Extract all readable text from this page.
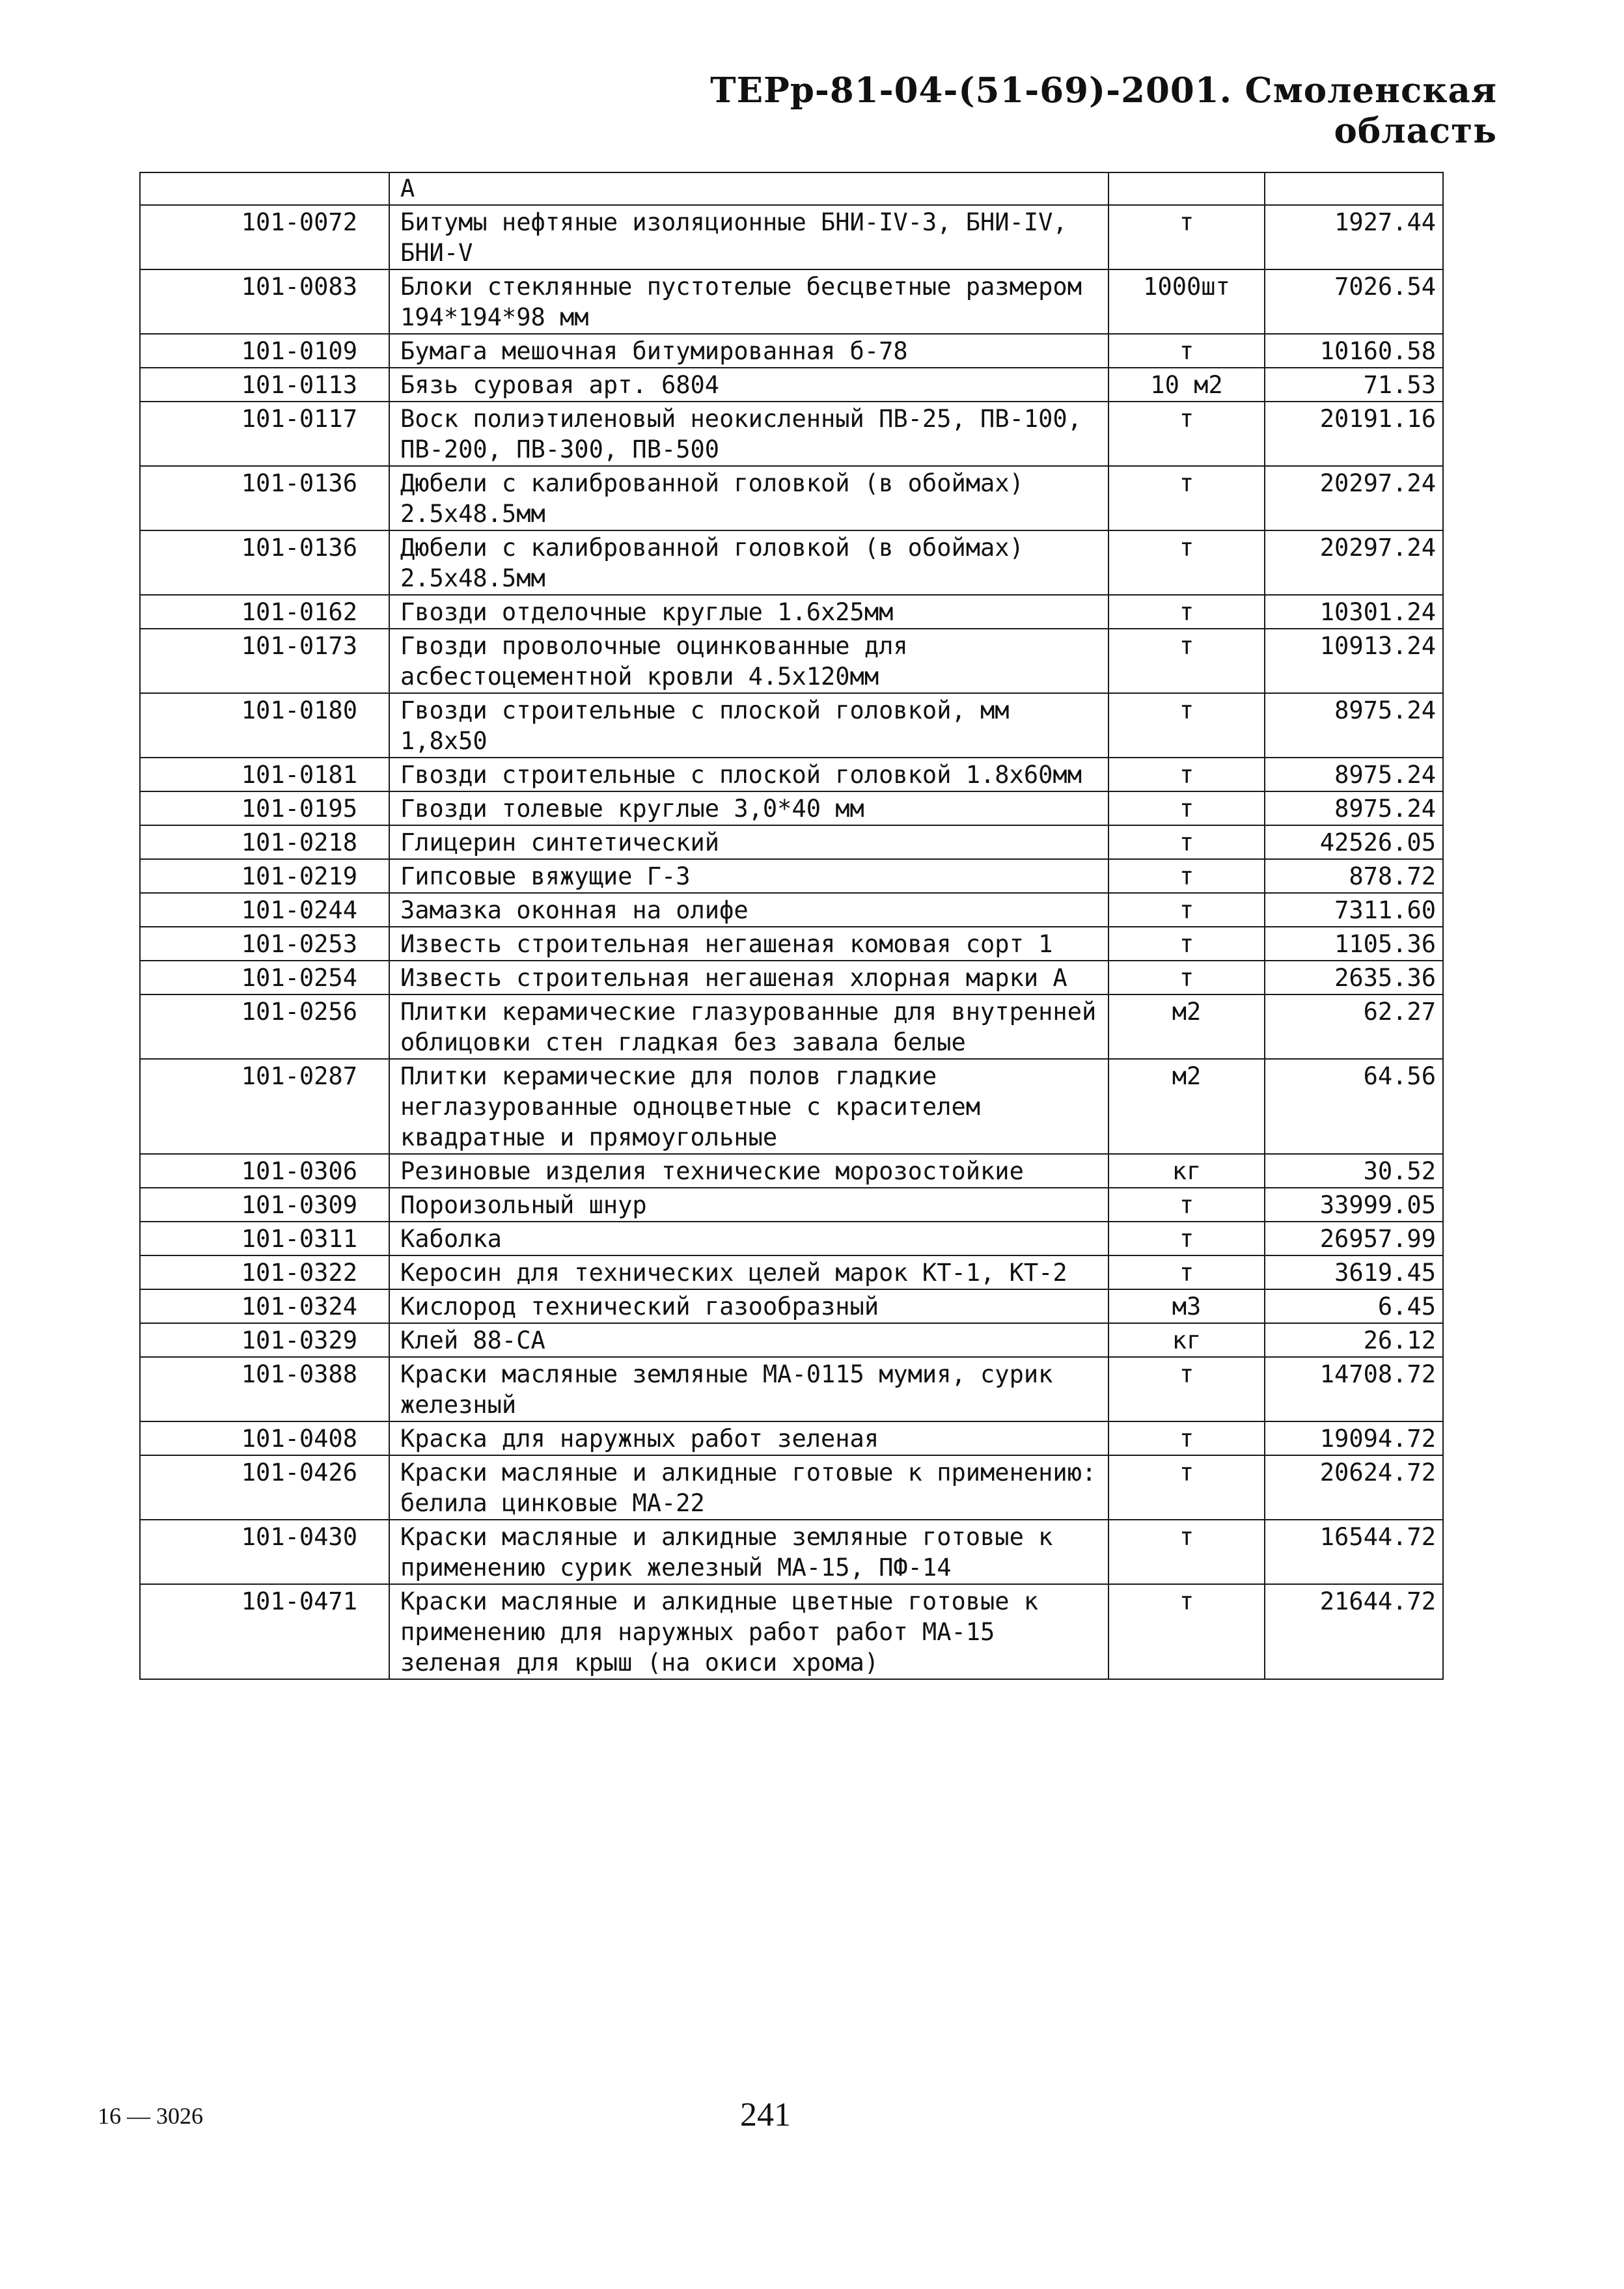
ТЕРр-81-04-(51-69)-2001. Смоленская область
	А		
101-0072	Битумы нефтяные изоляционные БНИ-IV-3, БНИ-IV, БНИ-V	т	1927.44
101-0083	Блоки стеклянные пустотелые бесцветные размером 194*194*98 мм	1000шт	7026.54
101-0109	Бумага мешочная битумированная б-78	т	10160.58
101-0113	Бязь суровая арт. 6804	10 м2	71.53
101-0117	Воск полиэтиленовый неокисленный ПВ-25, ПВ-100, ПВ-200, ПВ-300, ПВ-500	т	20191.16
101-0136	Дюбели с калиброванной головкой (в обоймах) 2.5х48.5мм	т	20297.24
101-0136	Дюбели с калиброванной головкой (в обоймах) 2.5х48.5мм	т	20297.24
101-0162	Гвозди отделочные круглые 1.6х25мм	т	10301.24
101-0173	Гвозди проволочные оцинкованные для асбестоцементной кровли 4.5х120мм	т	10913.24
101-0180	Гвозди строительные с плоской головкой, мм 1,8х50	т	8975.24
101-0181	Гвозди строительные с плоской головкой 1.8х60мм	т	8975.24
101-0195	Гвозди толевые круглые 3,0*40 мм	т	8975.24
101-0218	Глицерин синтетический	т	42526.05
101-0219	Гипсовые вяжущие Г-3	т	878.72
101-0244	Замазка оконная на олифе	т	7311.60
101-0253	Известь строительная негашеная комовая сорт 1	т	1105.36
101-0254	Известь строительная негашеная хлорная марки А	т	2635.36
101-0256	Плитки керамические глазурованные для внутренней облицовки стен гладкая без завала белые	м2	62.27
101-0287	Плитки керамические для полов гладкие неглазурованные одноцветные с красителем квадратные и прямоугольные	м2	64.56
101-0306	Резиновые изделия технические морозостойкие	кг	30.52
101-0309	Пороизольный шнур	т	33999.05
101-0311	Каболка	т	26957.99
101-0322	Керосин для технических целей марок КТ-1, КТ-2	т	3619.45
101-0324	Кислород технический газообразный	м3	6.45
101-0329	Клей 88-СА	кг	26.12
101-0388	Краски масляные земляные МА-0115 мумия, сурик железный	т	14708.72
101-0408	Краска для наружных работ зеленая	т	19094.72
101-0426	Краски масляные и алкидные готовые к применению: белила цинковые МА-22	т	20624.72
101-0430	Краски масляные и алкидные земляные готовые к применению сурик железный МА-15, ПФ-14	т	16544.72
101-0471	Краски масляные и алкидные цветные готовые к применению для наружных работ работ МА-15 зеленая для крыш (на окиси хрома)	т	21644.72
16 — 3026	241
